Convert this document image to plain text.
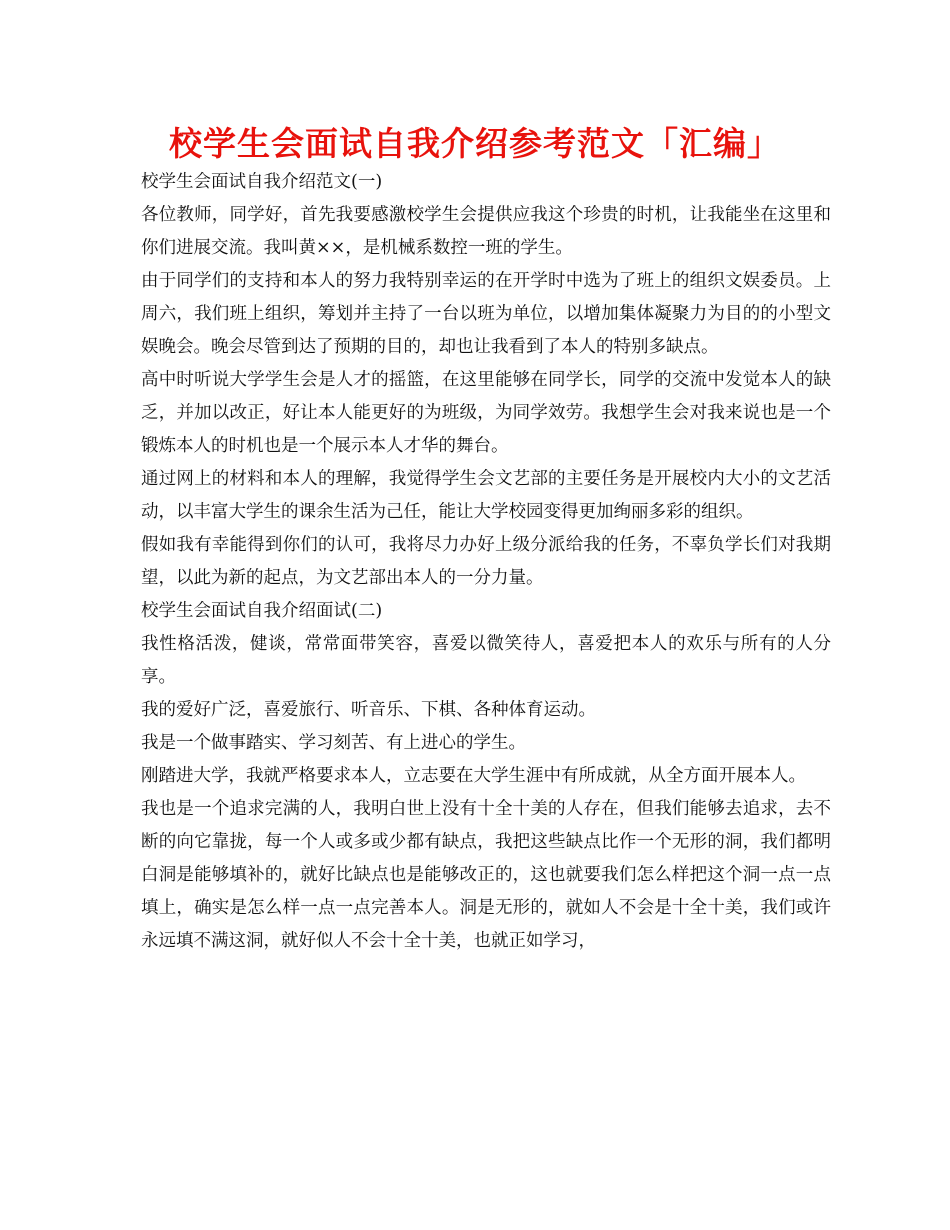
校学生会面试自我介绍参考范文「汇编」

校学生会面试自我介绍范文(一)

各位教师，同学好，首先我要感激校学生会提供应我这个珍贵的时机，让我能坐在这里和你们进展交流。我叫黄××，是机械系数控一班的学生。

由于同学们的支持和本人的努力我特别幸运的在开学时中选为了班上的组织文娱委员。上周六，我们班上组织，筹划并主持了一台以班为单位，以增加集体凝聚力为目的的小型文娱晚会。晚会尽管到达了预期的目的，却也让我看到了本人的特别多缺点。

高中时听说大学学生会是人才的摇篮，在这里能够在同学长，同学的交流中发觉本人的缺乏，并加以改正，好让本人能更好的为班级，为同学效劳。我想学生会对我来说也是一个锻炼本人的时机也是一个展示本人才华的舞台。

通过网上的材料和本人的理解，我觉得学生会文艺部的主要任务是开展校内大小的文艺活动，以丰富大学生的课余生活为己任，能让大学校园变得更加绚丽多彩的组织。

假如我有幸能得到你们的认可，我将尽力办好上级分派给我的任务，不辜负学长们对我期望，以此为新的起点，为文艺部出本人的一分力量。

校学生会面试自我介绍面试(二)

我性格活泼，健谈，常常面带笑容，喜爱以微笑待人，喜爱把本人的欢乐与所有的人分享。

我的爱好广泛，喜爱旅行、听音乐、下棋、各种体育运动。

我是一个做事踏实、学习刻苦、有上进心的学生。

刚踏进大学，我就严格要求本人，立志要在大学生涯中有所成就，从全方面开展本人。

我也是一个追求完满的人，我明白世上没有十全十美的人存在，但我们能够去追求，去不断的向它靠拢，每一个人或多或少都有缺点，我把这些缺点比作一个无形的洞，我们都明白洞是能够填补的，就好比缺点也是能够改正的，这也就要我们怎么样把这个洞一点一点填上，确实是怎么样一点一点完善本人。洞是无形的，就如人不会是十全十美，我们或许永远填不满这洞，就好似人不会十全十美，也就正如学习，
